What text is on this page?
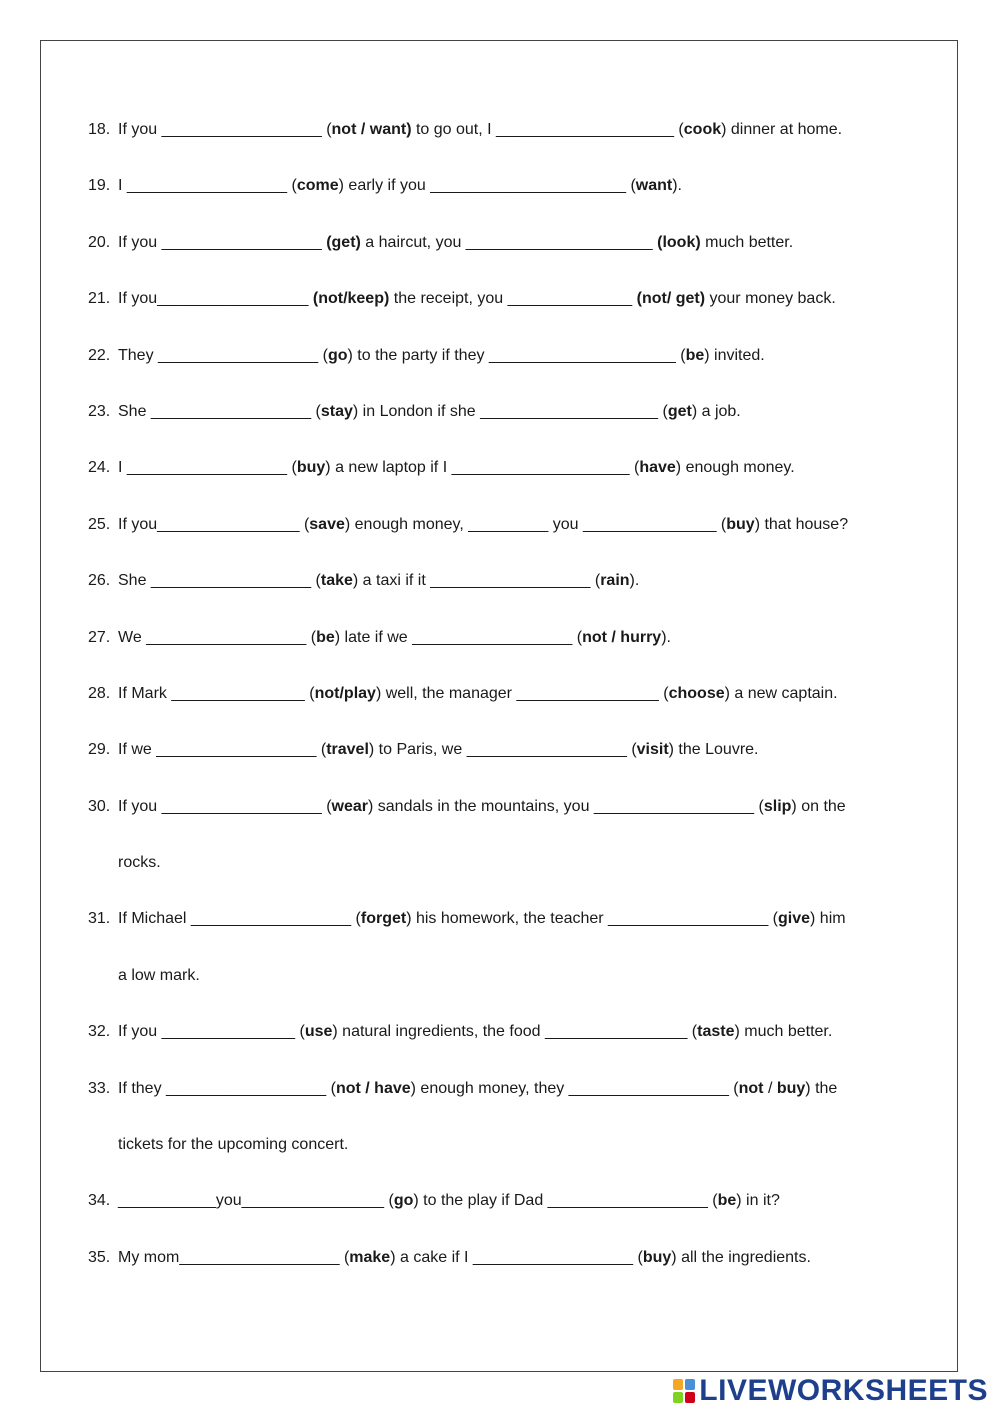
18. If you __________________ (not / want) to go out, I ____________________ (cook) dinner at home.
19. I __________________ (come) early if you ______________________ (want).
20. If you __________________ (get) a haircut, you _____________________ (look) much better.
21. If you_________________ (not/keep) the receipt, you ______________ (not/ get) your money back.
22. They __________________ (go) to the party if they _____________________ (be) invited.
23. She __________________ (stay) in London if she ____________________ (get) a job.
24. I __________________ (buy) a new laptop if I ____________________ (have) enough money.
25. If you________________ (save) enough money, _________ you _______________ (buy) that house?
26. She __________________ (take) a taxi if it __________________ (rain).
27. We __________________ (be) late if we __________________ (not / hurry).
28. If Mark _______________ (not/play) well, the manager ________________ (choose) a new captain.
29. If we __________________ (travel) to Paris, we __________________ (visit) the Louvre.
30. If you __________________ (wear) sandals in the mountains, you __________________ (slip) on the
rocks.
31. If Michael __________________ (forget) his homework, the teacher __________________ (give) him
a low mark.
32. If you _______________ (use) natural ingredients, the food ________________ (taste) much better.
33. If they __________________ (not / have) enough money, they __________________ (not / buy) the
tickets for the upcoming concert.
34. ___________you________________ (go) to the play if Dad __________________ (be) in it?
35. My mom__________________ (make) a cake if I __________________ (buy) all the ingredients.
LIVEWORKSHEETS
